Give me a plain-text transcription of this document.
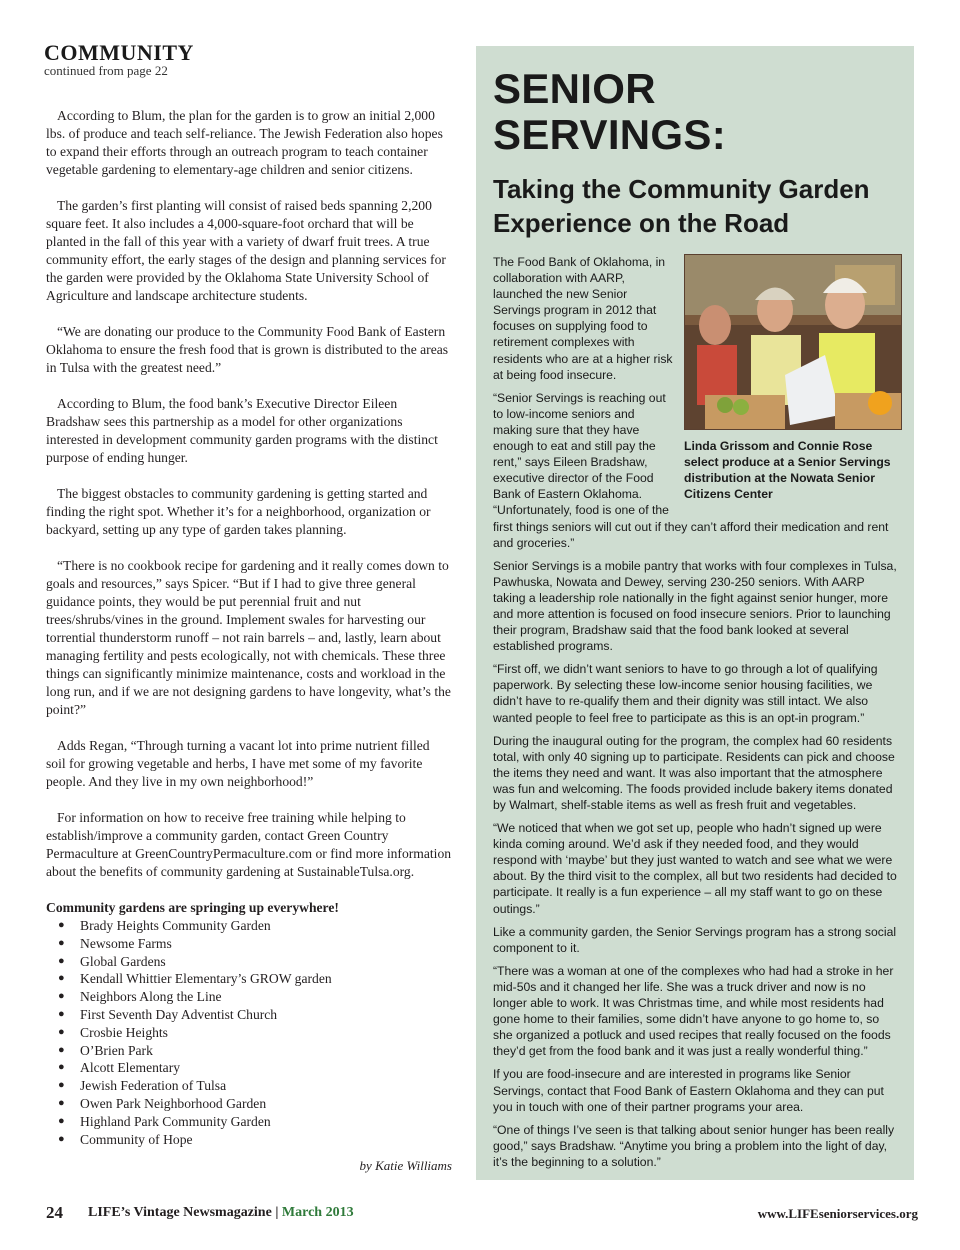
COMMUNITY
continued from page 22

According to Blum, the plan for the garden is to grow an initial 2,000 lbs. of produce and teach self-reliance. The Jewish Federation also hopes to expand their efforts through an outreach program to teach container vegetable gardening to elementary-age children and senior citizens.

The garden’s first planting will consist of raised beds spanning 2,200 square feet. It also includes a 4,000-square-foot orchard that will be planted in the fall of this year with a variety of dwarf fruit trees. A true community effort, the early stages of the design and planning services for the garden were provided by the Oklahoma State University School of Agriculture and landscape architecture students.

“We are donating our produce to the Community Food Bank of Eastern Oklahoma to ensure the fresh food that is grown is distributed to the areas in Tulsa with the greatest need.”

According to Blum, the food bank’s Executive Director Eileen Bradshaw sees this partnership as a model for other organizations interested in development community garden programs with the distinct purpose of ending hunger.

The biggest obstacles to community gardening is getting started and finding the right spot. Whether it’s for a neighborhood, organization or backyard, setting up any type of garden takes planning.

“There is no cookbook recipe for gardening and it really comes down to goals and resources,” says Spicer. “But if I had to give three general guidance points, they would be put perennial fruit and nut trees/shrubs/vines in the ground. Implement swales for harvesting our torrential thunderstorm runoff – not rain barrels – and, lastly, learn about managing fertility and pests ecologically, not with chemicals. These three things can significantly minimize maintenance, costs and workload in the long run, and if we are not designing gardens to have longevity, what’s the point?”

Adds Regan, “Through turning a vacant lot into prime nutrient filled soil for growing vegetable and herbs, I have met some of my favorite people. And they live in my own neighborhood!”

For information on how to receive free training while helping to establish/improve a community garden, contact Green Country Permaculture at GreenCountryPermaculture.com or find more information about the benefits of community gardening at SustainableTulsa.org.

Community gardens are springing up everywhere!
● Brady Heights Community Garden
● Newsome Farms
● Global Gardens
● Kendall Whittier Elementary’s GROW garden
● Neighbors Along the Line
● First Seventh Day Adventist Church
● Crosbie Heights
● O’Brien Park
● Alcott Elementary
● Jewish Federation of Tulsa
● Owen Park Neighborhood Garden
● Highland Park Community Garden
● Community of Hope
by Katie Williams
SENIOR SERVINGS:
Taking the Community Garden Experience on the Road
Linda Grissom and Connie Rose select produce at a Senior Servings distribution at the Nowata Senior Citizens Center

The Food Bank of Oklahoma, in collaboration with AARP, launched the new Senior Servings program in 2012 that focuses on supplying food to retirement complexes with residents who are at a higher risk at being food insecure.

“Senior Servings is reaching out to low-income seniors and making sure that they have enough to eat and still pay the rent,” says Eileen Bradshaw, executive director of the Food Bank of Eastern Oklahoma. “Unfortunately, food is one of the first things seniors will cut out if they can’t afford their medication and rent and groceries.”

Senior Servings is a mobile pantry that works with four complexes in Tulsa, Pawhuska, Nowata and Dewey, serving 230-250 seniors. With AARP taking a leadership role nationally in the fight against senior hunger, more and more attention is focused on food insecure seniors. Prior to launching their program, Bradshaw said that the food bank looked at several established programs.

“First off, we didn’t want seniors to have to go through a lot of qualifying paperwork. By selecting these low-income senior housing facilities, we didn’t have to re-qualify them and their dignity was still intact. We also wanted people to feel free to participate as this is an opt-in program.”

During the inaugural outing for the program, the complex had 60 residents total, with only 40 signing up to participate. Residents can pick and choose the items they need and want. It was also important that the atmosphere was fun and welcoming. The foods provided include bakery items donated by Walmart, shelf-stable items as well as fresh fruit and vegetables.

“We noticed that when we got set up, people who hadn’t signed up were kinda coming around. We’d ask if they needed food, and they would respond with ‘maybe’ but they just wanted to watch and see what we were about. By the third visit to the complex, all but two residents had decided to participate. It really is a fun experience – all my staff want to go on these outings.”

Like a community garden, the Senior Servings program has a strong social component to it.

“There was a woman at one of the complexes who had had a stroke in her mid-50s and it changed her life. She was a truck driver and now is no longer able to work. It was Christmas time, and while most residents had gone home to their families, some didn’t have anyone to go home to, so she organized a potluck and used recipes that really focused on the foods they’d get from the food bank and it was just a really wonderful thing.”

If you are food-insecure and are interested in programs like Senior Servings, contact that Food Bank of Eastern Oklahoma and they can put you in touch with one of their partner programs your area.

“One of things I’ve seen is that talking about senior hunger has been really good,” says Bradshaw. “Anytime you bring a problem into the light of day, it’s the beginning to a solution.”

24 LIFE’s Vintage Newsmagazine | March 2013	www.LIFEseniorservices.org
